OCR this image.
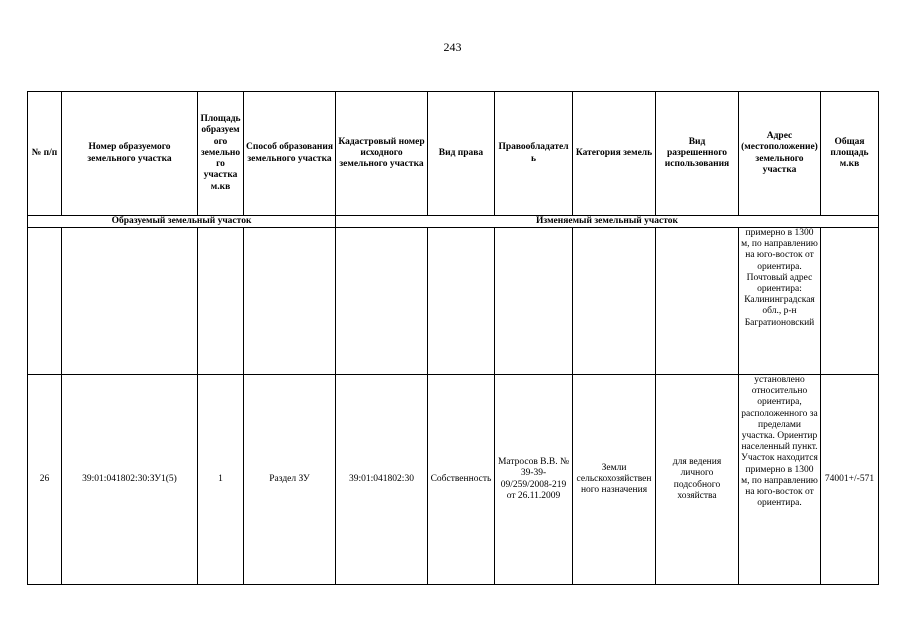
243
№ п/п	Номер образуемого земельного участка	Площадь образуемого земельного участка м.кв	Способ образования земельного участка	Кадастровый номер исходного земельного участка	Вид права	Правообладатель	Категория земель	Вид разрешенного использования	Адрес (местоположение) земельного участка	Общая площадь м.кв
Образуемый земельный участок				Изменяемый земельный участок						
									примерно в 1300 м, по направлению на юго-восток от ориентира. Почтовый адрес ориентира: Калининградская обл., р-н Багратионовский	
26	39:01:041802:30:ЗУ1(5)	1	Раздел ЗУ	39:01:041802:30	Собственность	Матросов В.В. № 39-39-09/259/2008-219 от 26.11.2009	Земли сельскохозяйственного назначения	для ведения личного подсобного хозяйства	установлено относительно ориентира, расположенного за пределами участка. Ориентир населенный пункт. Участок находится примерно в 1300 м, по направлению на юго-восток от ориентира.	74001+/-571
